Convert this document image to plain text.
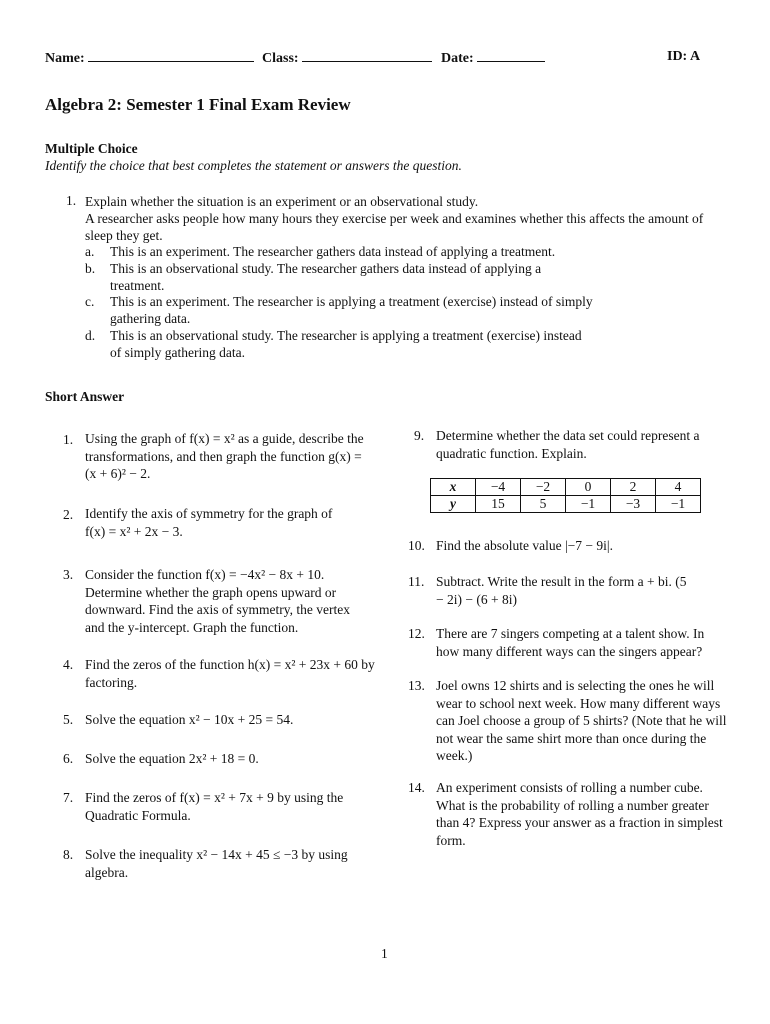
Name:	Class:	Date:	ID: A
Algebra 2: Semester 1 Final Exam Review
Multiple Choice
Identify the choice that best completes the statement or answers the question.
1. Explain whether the situation is an experiment or an observational study.
A researcher asks people how many hours they exercise per week and examines whether this affects the amount of
sleep they get.
a. This is an experiment. The researcher gathers data instead of applying a treatment.
b. This is an observational study. The researcher gathers data instead of applying a
treatment.
c. This is an experiment. The researcher is applying a treatment (exercise) instead of simply
gathering data.
d. This is an observational study. The researcher is applying a treatment (exercise) instead
of simply gathering data.
Short Answer
1. Using the graph of f(x) = x² as a guide, describe the transformations, and then graph the function g(x) = (x + 6)² − 2.
2. Identify the axis of symmetry for the graph of f(x) = x² + 2x − 3.
3. Consider the function f(x) = −4x² − 8x + 10. Determine whether the graph opens upward or downward. Find the axis of symmetry, the vertex and the y-intercept. Graph the function.
4. Find the zeros of the function h(x) = x² + 23x + 60 by factoring.
5. Solve the equation x² − 10x + 25 = 54.
6. Solve the equation 2x² + 18 = 0.
7. Find the zeros of f(x) = x² + 7x + 9 by using the Quadratic Formula.
8. Solve the inequality x² − 14x + 45 ≤ −3 by using algebra.
9. Determine whether the data set could represent a quadratic function. Explain.
x	−4	−2	0	2	4
y	15	5	−1	−3	−1
10. Find the absolute value |−7 − 9i|.
11. Subtract. Write the result in the form a + bi. (5 − 2i) − (6 + 8i)
12. There are 7 singers competing at a talent show. In how many different ways can the singers appear?
13. Joel owns 12 shirts and is selecting the ones he will wear to school next week. How many different ways can Joel choose a group of 5 shirts? (Note that he will not wear the same shirt more than once during the week.)
14. An experiment consists of rolling a number cube. What is the probability of rolling a number greater than 4? Express your answer as a fraction in simplest form.
1
